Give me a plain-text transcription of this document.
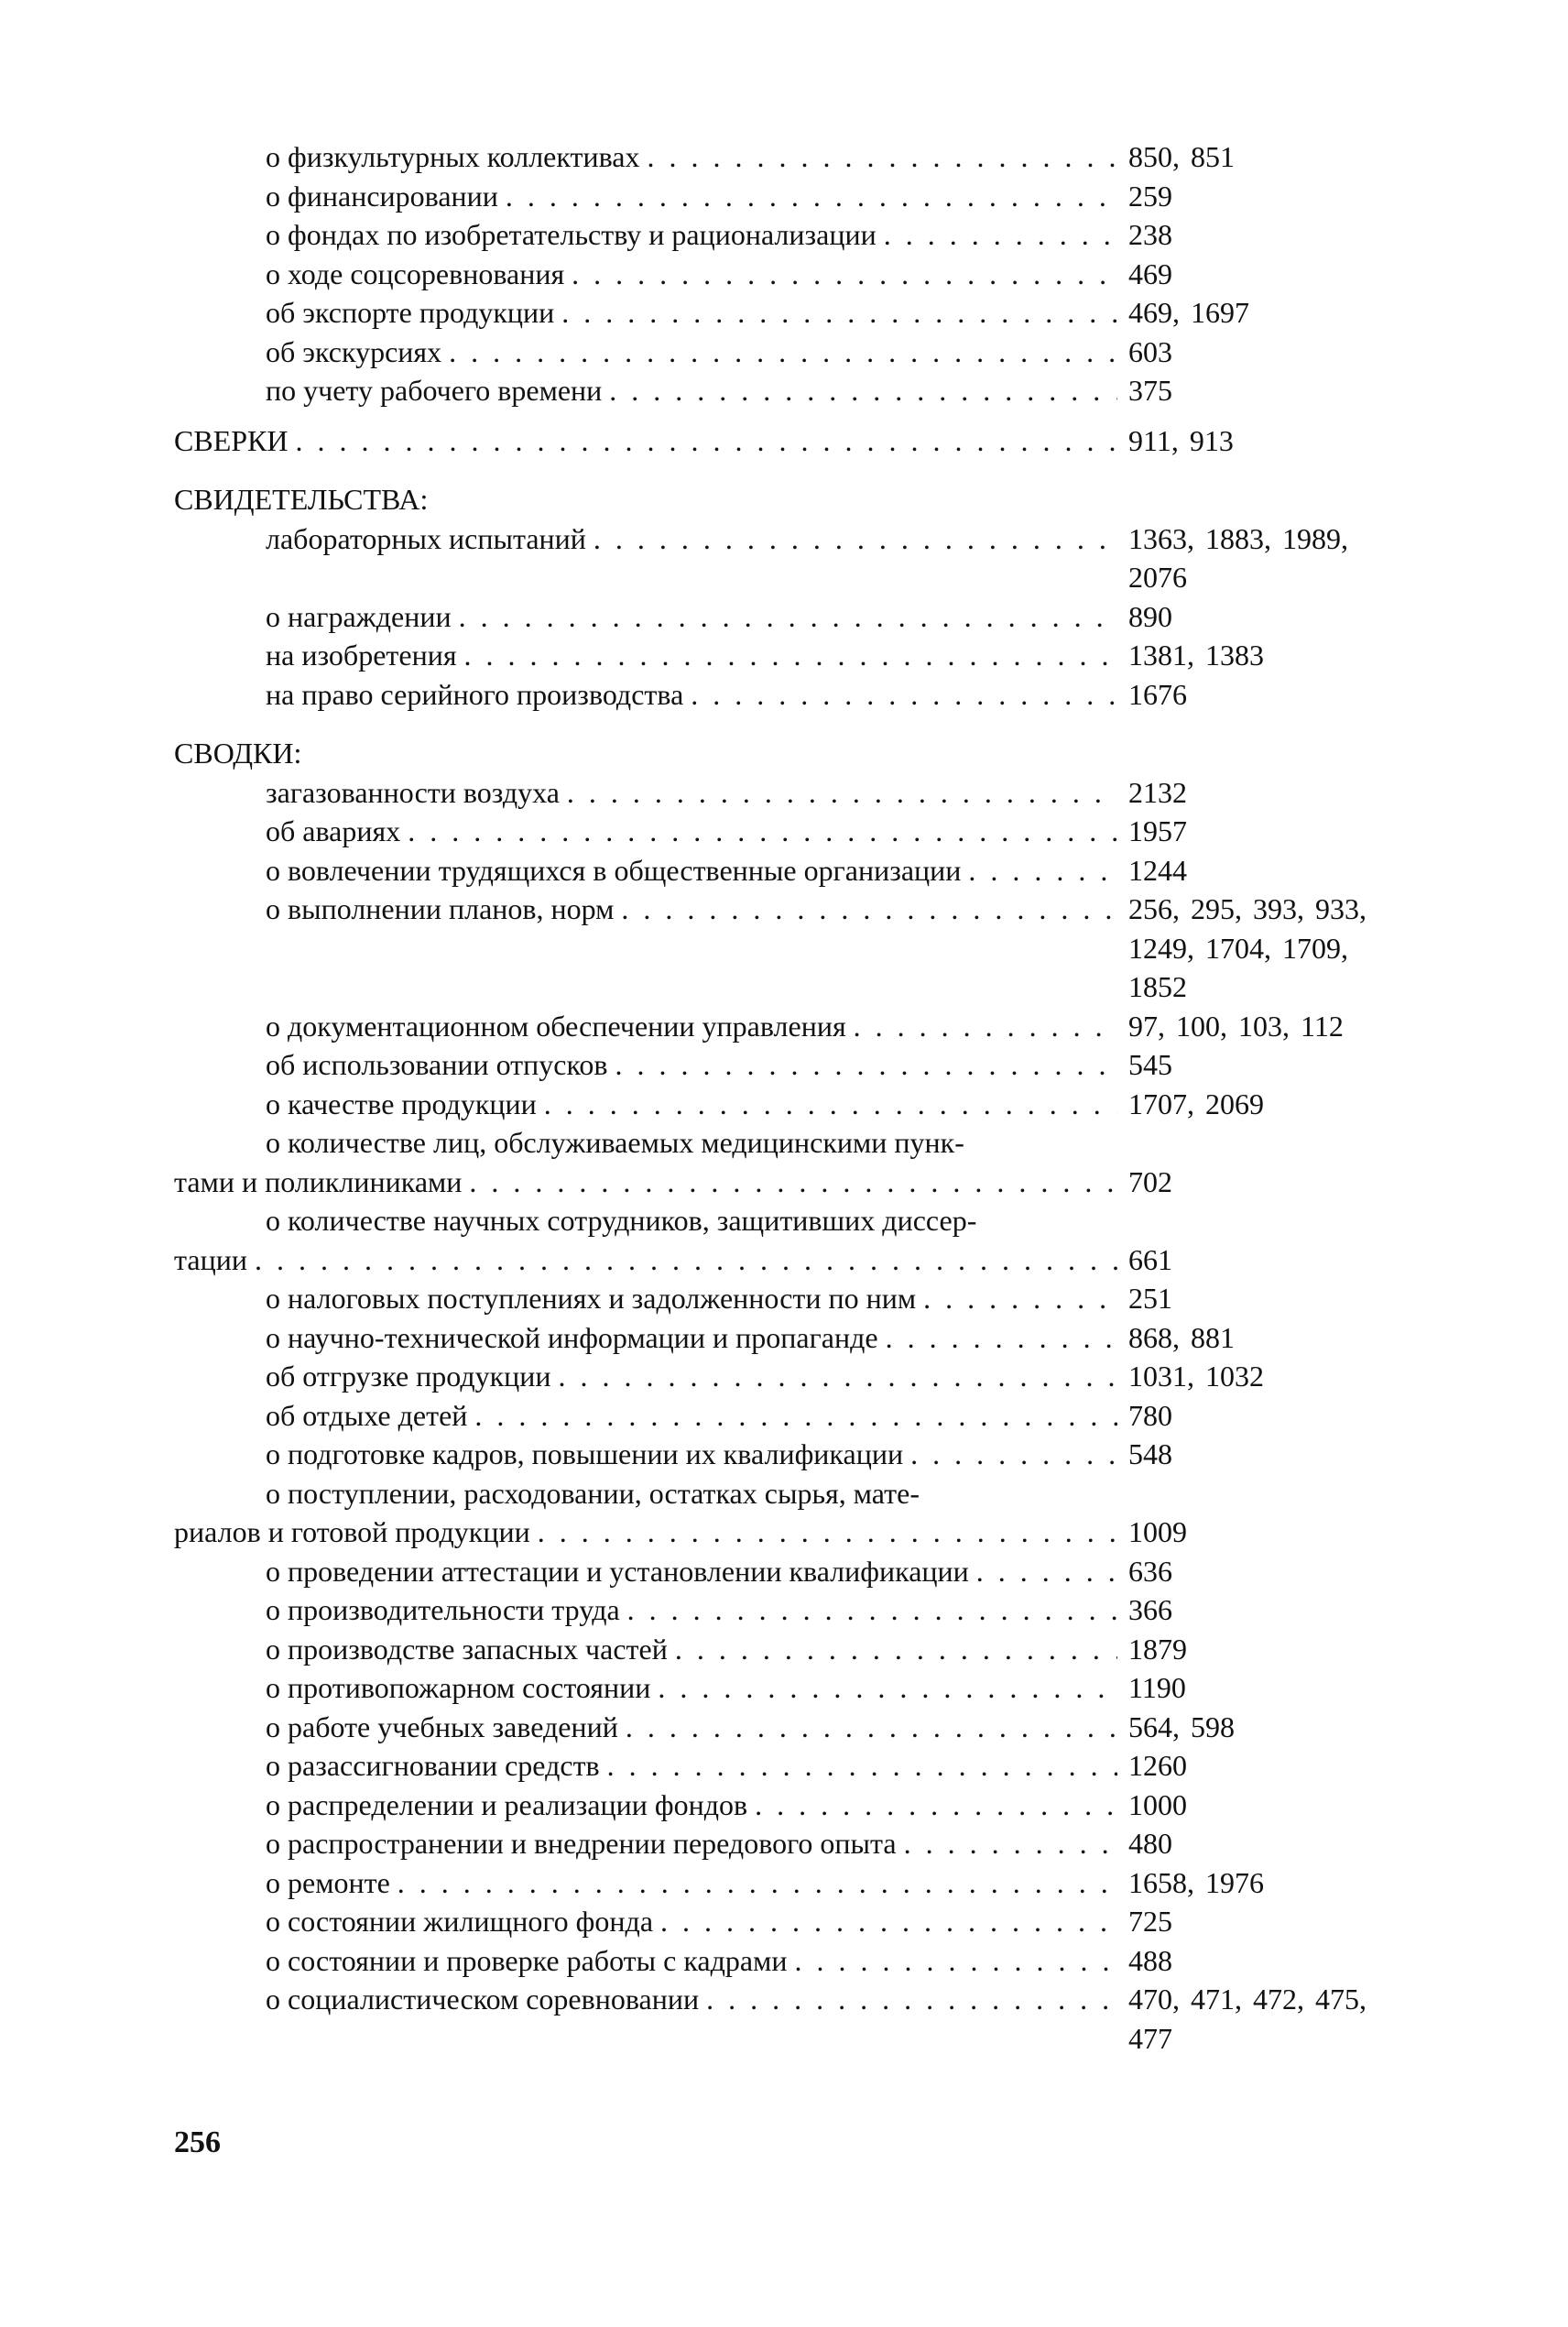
о физкультурных коллективах . . .	850, 851
о финансировании . . .	259
о фондах по изобретательству и рационализации . . .	238
о ходе соцсоревнования . . .	469
об экспорте продукции . . .	469, 1697
об экскурсиях . . .	603
по учету рабочего времени . . .	375
СВЕРКИ . . .	911, 913
СВИДЕТЕЛЬСТВА:
лабораторных испытаний . . .	1363, 1883, 1989, 2076
о награждении . . .	890
на изобретения . . .	1381, 1383
на право серийного производства . . .	1676
СВОДКИ:
загазованности воздуха . . .	2132
об авариях . . .	1957
о вовлечении трудящихся в общественные организации . . .	1244
о выполнении планов, норм . . .	256, 295, 393, 933, 1249, 1704, 1709, 1852
о документационном обеспечении управления . . .	97, 100, 103, 112
об использовании отпусков . . .	545
о качестве продукции . . .	1707, 2069
о количестве лиц, обслуживаемых медицинскими пунк-
тами и поликлиниками . . .	702
о количестве научных сотрудников, защитивших диссер-
тации . . .	661
о налоговых поступлениях и задолженности по ним . . .	251
о научно-технической информации и пропаганде . . .	868, 881
об отгрузке продукции . . .	1031, 1032
об отдыхе детей . . .	780
о подготовке кадров, повышении их квалификации . . .	548
о поступлении, расходовании, остатках сырья, мате-
риалов и готовой продукции . . .	1009
о проведении аттестации и установлении квалификации . . .	636
о производительности труда . . .	366
о производстве запасных частей . . .	1879
о противопожарном состоянии . . .	1190
о работе учебных заведений . . .	564, 598
о разассигновании средств . . .	1260
о распределении и реализации фондов . . .	1000
о распространении и внедрении передового опыта . . .	480
о ремонте . . .	1658, 1976
о состоянии жилищного фонда . . .	725
о состоянии и проверке работы с кадрами . . .	488
о социалистическом соревновании . . .	470, 471, 472, 475, 477
256
